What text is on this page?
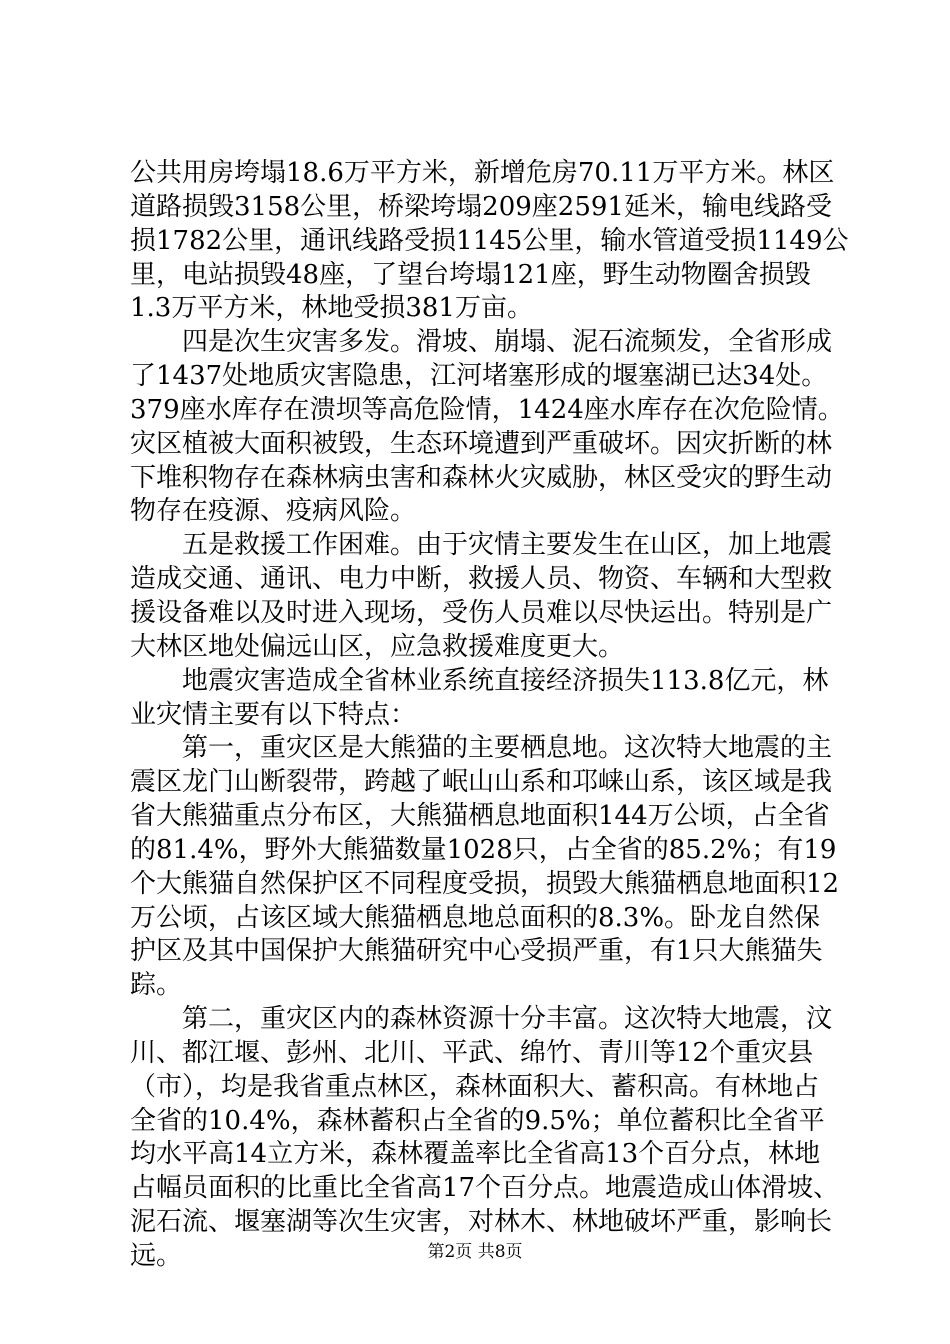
公共用房垮塌18.6万平方米，新增危房70.11万平方米。林区
道路损毁3158公里，桥梁垮塌209座2591延米，输电线路受
损1782公里，通讯线路受损1145公里，输水管道受损1149公
里，电站损毁48座，了望台垮塌121座，野生动物圈舍损毁
1.3万平方米，林地受损381万亩。
　　四是次生灾害多发。滑坡、崩塌、泥石流频发，全省形成
了1437处地质灾害隐患，江河堵塞形成的堰塞湖已达34处。
379座水库存在溃坝等高危险情，1424座水库存在次危险情。
灾区植被大面积被毁，生态环境遭到严重破坏。因灾折断的林
下堆积物存在森林病虫害和森林火灾威胁，林区受灾的野生动
物存在疫源、疫病风险。
　　五是救援工作困难。由于灾情主要发生在山区，加上地震
造成交通、通讯、电力中断，救援人员、物资、车辆和大型救
援设备难以及时进入现场，受伤人员难以尽快运出。特别是广
大林区地处偏远山区，应急救援难度更大。
　　地震灾害造成全省林业系统直接经济损失113.8亿元，林
业灾情主要有以下特点：
　　第一，重灾区是大熊猫的主要栖息地。这次特大地震的主
震区龙门山断裂带，跨越了岷山山系和邛崃山系，该区域是我
省大熊猫重点分布区，大熊猫栖息地面积144万公顷，占全省
的81.4%，野外大熊猫数量1028只，占全省的85.2%；有19
个大熊猫自然保护区不同程度受损，损毁大熊猫栖息地面积12
万公顷，占该区域大熊猫栖息地总面积的8.3%。卧龙自然保
护区及其中国保护大熊猫研究中心受损严重，有1只大熊猫失
踪。
　　第二，重灾区内的森林资源十分丰富。这次特大地震，汶
川、都江堰、彭州、北川、平武、绵竹、青川等12个重灾县
（市），均是我省重点林区，森林面积大、蓄积高。有林地占
全省的10.4%，森林蓄积占全省的9.5%；单位蓄积比全省平
均水平高14立方米，森林覆盖率比全省高13个百分点，林地
占幅员面积的比重比全省高17个百分点。地震造成山体滑坡、
泥石流、堰塞湖等次生灾害，对林木、林地破坏严重，影响长
远。	第2页 共8页
